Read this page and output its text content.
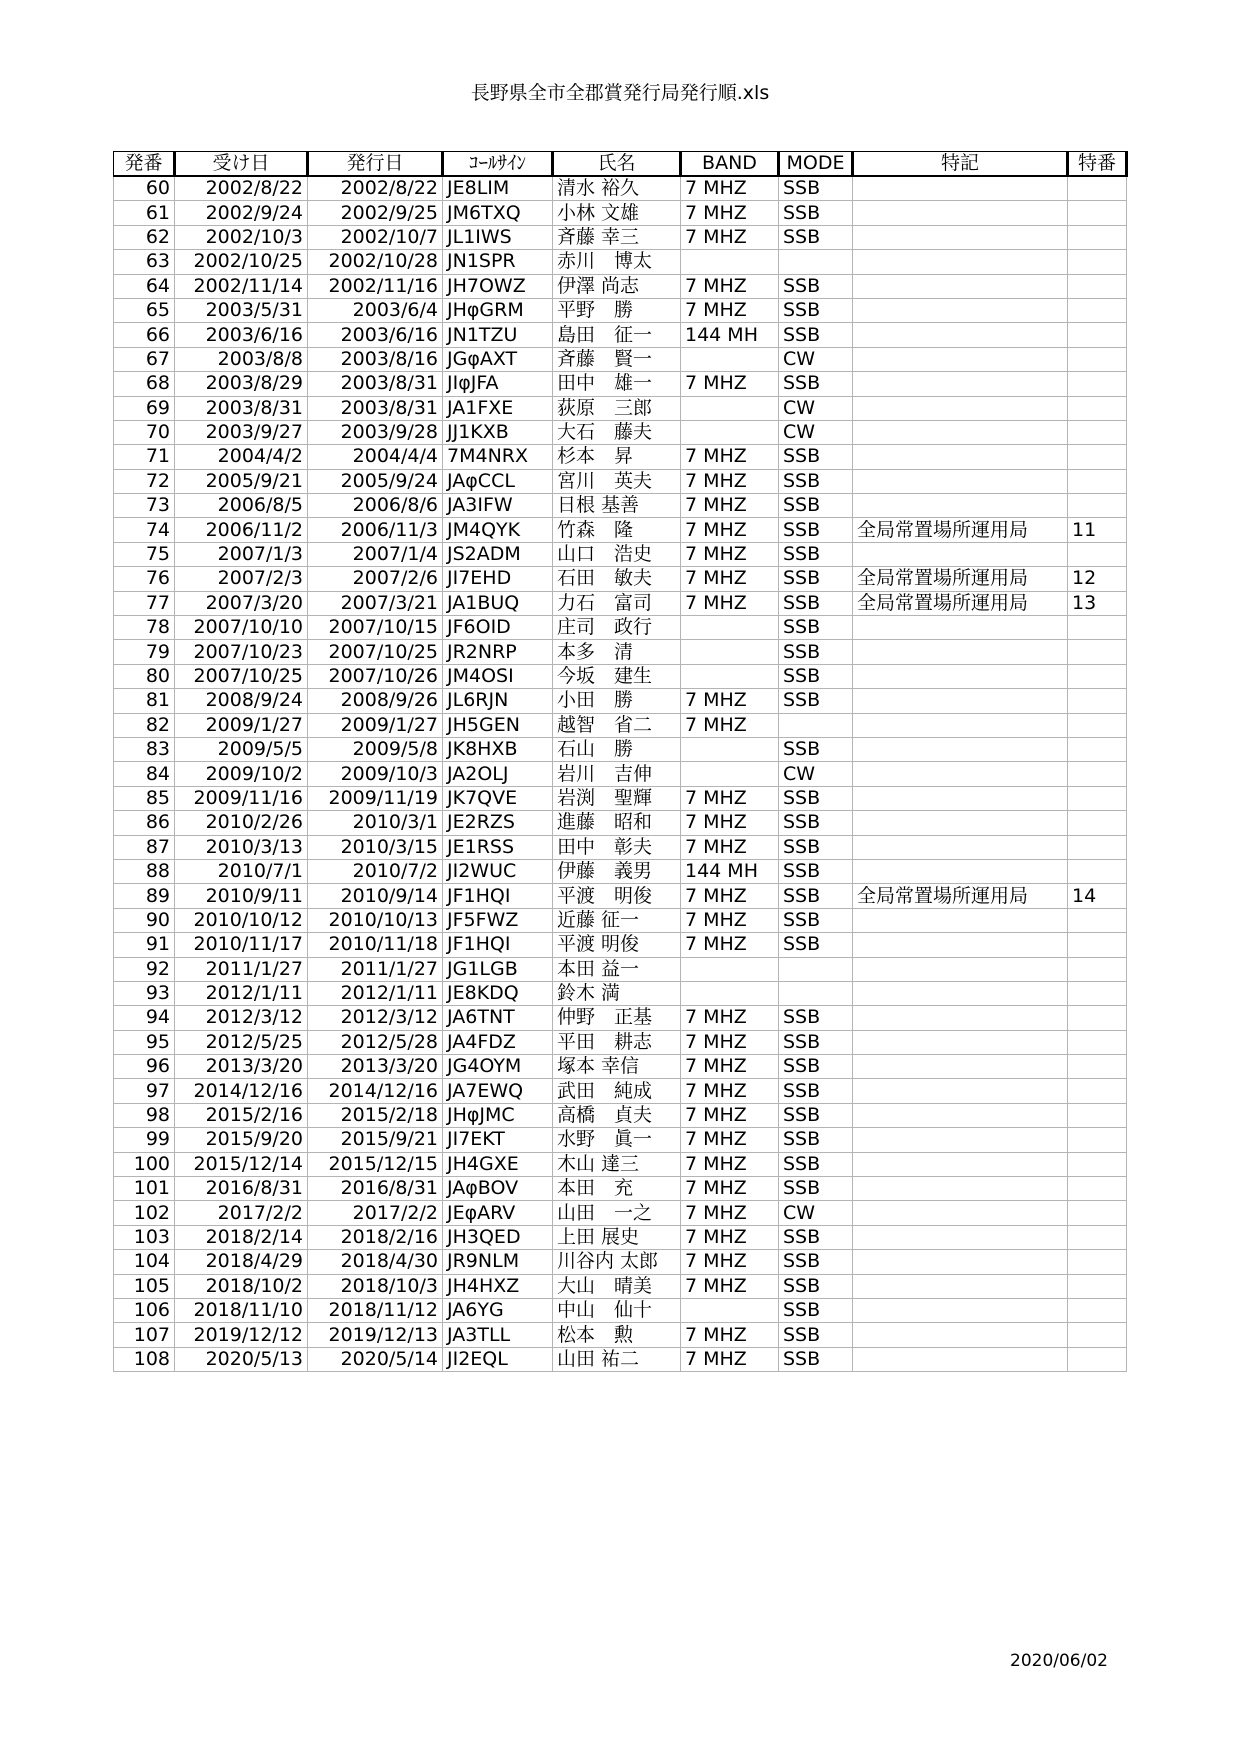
長野県全市全郡賞発行局発行順.xls
発番	受け日	発行日	ｺｰﾙｻｲﾝ	氏名	BAND	MODE	特記	特番
60	2002/8/22	2002/8/22	JE8LIM	清水 裕久	7 MHZ	SSB		
61	2002/9/24	2002/9/25	JM6TXQ	小林 文雄	7 MHZ	SSB		
62	2002/10/3	2002/10/7	JL1IWS	斉藤 幸三	7 MHZ	SSB		
63	2002/10/25	2002/10/28	JN1SPR	赤川　博太				
64	2002/11/14	2002/11/16	JH7OWZ	伊澤 尚志	7 MHZ	SSB		
65	2003/5/31	2003/6/4	JHφGRM	平野　勝	7 MHZ	SSB		
66	2003/6/16	2003/6/16	JN1TZU	島田　征一	144 MH	SSB		
67	2003/8/8	2003/8/16	JGφAXT	斉藤　賢一		CW		
68	2003/8/29	2003/8/31	JIφJFA	田中　雄一	7 MHZ	SSB		
69	2003/8/31	2003/8/31	JA1FXE	荻原　三郎		CW		
70	2003/9/27	2003/9/28	JJ1KXB	大石　藤夫		CW		
71	2004/4/2	2004/4/4	7M4NRX	杉本　昇	7 MHZ	SSB		
72	2005/9/21	2005/9/24	JAφCCL	宮川　英夫	7 MHZ	SSB		
73	2006/8/5	2006/8/6	JA3IFW	日根 基善	7 MHZ	SSB		
74	2006/11/2	2006/11/3	JM4QYK	竹森　隆	7 MHZ	SSB	全局常置場所運用局	11
75	2007/1/3	2007/1/4	JS2ADM	山口　浩史	7 MHZ	SSB		
76	2007/2/3	2007/2/6	JI7EHD	石田　敏夫	7 MHZ	SSB	全局常置場所運用局	12
77	2007/3/20	2007/3/21	JA1BUQ	力石　富司	7 MHZ	SSB	全局常置場所運用局	13
78	2007/10/10	2007/10/15	JF6OID	庄司　政行		SSB		
79	2007/10/23	2007/10/25	JR2NRP	本多　清		SSB		
80	2007/10/25	2007/10/26	JM4OSI	今坂　建生		SSB		
81	2008/9/24	2008/9/26	JL6RJN	小田　勝	7 MHZ	SSB		
82	2009/1/27	2009/1/27	JH5GEN	越智　省二	7 MHZ			
83	2009/5/5	2009/5/8	JK8HXB	石山　勝		SSB		
84	2009/10/2	2009/10/3	JA2OLJ	岩川　吉伸		CW		
85	2009/11/16	2009/11/19	JK7QVE	岩渕　聖輝	7 MHZ	SSB		
86	2010/2/26	2010/3/1	JE2RZS	進藤　昭和	7 MHZ	SSB		
87	2010/3/13	2010/3/15	JE1RSS	田中　彰夫	7 MHZ	SSB		
88	2010/7/1	2010/7/2	JI2WUC	伊藤　義男	144 MH	SSB		
89	2010/9/11	2010/9/14	JF1HQI	平渡　明俊	7 MHZ	SSB	全局常置場所運用局	14
90	2010/10/12	2010/10/13	JF5FWZ	近藤 征一	7 MHZ	SSB		
91	2010/11/17	2010/11/18	JF1HQI	平渡 明俊	7 MHZ	SSB		
92	2011/1/27	2011/1/27	JG1LGB	本田 益一				
93	2012/1/11	2012/1/11	JE8KDQ	鈴木 満				
94	2012/3/12	2012/3/12	JA6TNT	仲野　正基	7 MHZ	SSB		
95	2012/5/25	2012/5/28	JA4FDZ	平田　耕志	7 MHZ	SSB		
96	2013/3/20	2013/3/20	JG4OYM	塚本 幸信	7 MHZ	SSB		
97	2014/12/16	2014/12/16	JA7EWQ	武田　純成	7 MHZ	SSB		
98	2015/2/16	2015/2/18	JHφJMC	高橋　貞夫	7 MHZ	SSB		
99	2015/9/20	2015/9/21	JI7EKT	水野　眞一	7 MHZ	SSB		
100	2015/12/14	2015/12/15	JH4GXE	木山 達三	7 MHZ	SSB		
101	2016/8/31	2016/8/31	JAφBOV	本田　充	7 MHZ	SSB		
102	2017/2/2	2017/2/2	JEφARV	山田　一之	7 MHZ	CW		
103	2018/2/14	2018/2/16	JH3QED	上田 展史	7 MHZ	SSB		
104	2018/4/29	2018/4/30	JR9NLM	川谷内 太郎	7 MHZ	SSB		
105	2018/10/2	2018/10/3	JH4HXZ	大山　晴美	7 MHZ	SSB		
106	2018/11/10	2018/11/12	JA6YG	中山　仙十		SSB		
107	2019/12/12	2019/12/13	JA3TLL	松本　勲	7 MHZ	SSB		
108	2020/5/13	2020/5/14	JI2EQL	山田 祐二	7 MHZ	SSB		
2020/06/02
